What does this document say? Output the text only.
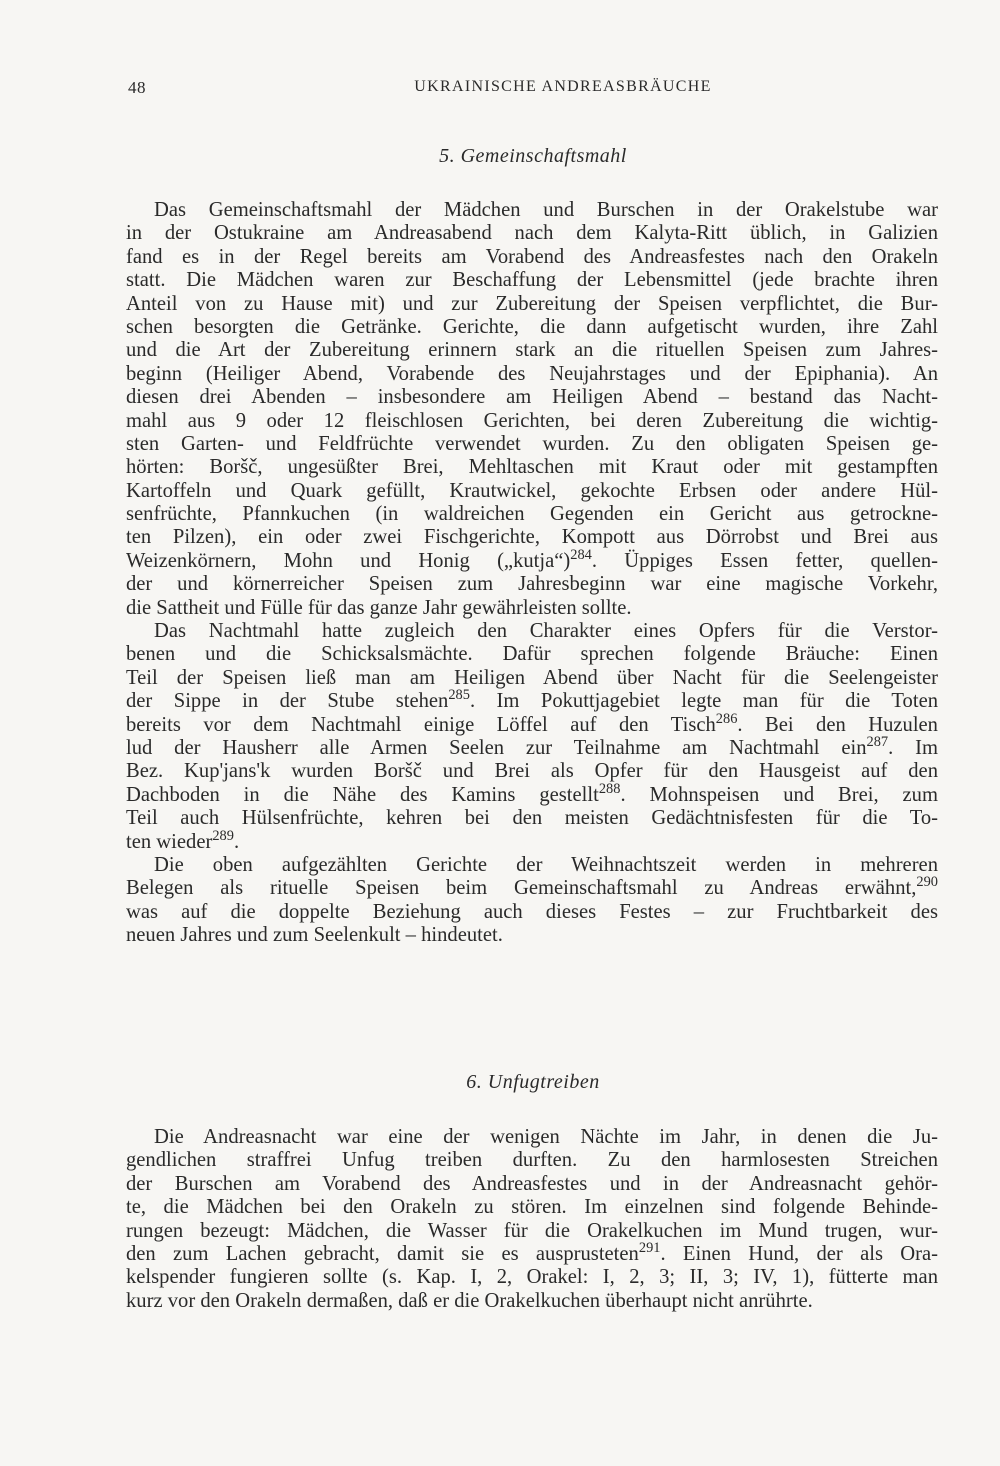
48	UKRAINISCHE ANDREASBRÄUCHE
5. Gemeinschaftsmahl
Das Gemeinschaftsmahl der Mädchen und Burschen in der Orakelstube war
in der Ostukraine am Andreasabend nach dem Kalyta-Ritt üblich, in Galizien
fand es in der Regel bereits am Vorabend des Andreasfestes nach den Orakeln
statt. Die Mädchen waren zur Beschaffung der Lebensmittel (jede brachte ihren
Anteil von zu Hause mit) und zur Zubereitung der Speisen verpflichtet, die Bur-
schen besorgten die Getränke. Gerichte, die dann aufgetischt wurden, ihre Zahl
und die Art der Zubereitung erinnern stark an die rituellen Speisen zum Jahres-
beginn (Heiliger Abend, Vorabende des Neujahrstages und der Epiphania). An
diesen drei Abenden – insbesondere am Heiligen Abend – bestand das Nacht-
mahl aus 9 oder 12 fleischlosen Gerichten, bei deren Zubereitung die wichtig-
sten Garten- und Feldfrüchte verwendet wurden. Zu den obligaten Speisen ge-
hörten: Boršč, ungesüßter Brei, Mehltaschen mit Kraut oder mit gestampften
Kartoffeln und Quark gefüllt, Krautwickel, gekochte Erbsen oder andere Hül-
senfrüchte, Pfannkuchen (in waldreichen Gegenden ein Gericht aus getrockne-
ten Pilzen), ein oder zwei Fischgerichte, Kompott aus Dörrobst und Brei aus
Weizenkörnern, Mohn und Honig („kutja“)$^{284}$. Üppiges Essen fetter, quellen-
der und körnerreicher Speisen zum Jahresbeginn war eine magische Vorkehr,
die Sattheit und Fülle für das ganze Jahr gewährleisten sollte.
Das Nachtmahl hatte zugleich den Charakter eines Opfers für die Verstor-
benen und die Schicksalsmächte. Dafür sprechen folgende Bräuche: Einen
Teil der Speisen ließ man am Heiligen Abend über Nacht für die Seelengeister
der Sippe in der Stube stehen$^{285}$. Im Pokuttjagebiet legte man für die Toten
bereits vor dem Nachtmahl einige Löffel auf den Tisch$^{286}$. Bei den Huzulen
lud der Hausherr alle Armen Seelen zur Teilnahme am Nachtmahl ein$^{287}$. Im
Bez. Kup'jans'k wurden Boršč und Brei als Opfer für den Hausgeist auf den
Dachboden in die Nähe des Kamins gestellt$^{288}$. Mohnspeisen und Brei, zum
Teil auch Hülsenfrüchte, kehren bei den meisten Gedächtnisfesten für die To-
ten wieder$^{289}$.
Die oben aufgezählten Gerichte der Weihnachtszeit werden in mehreren
Belegen als rituelle Speisen beim Gemeinschaftsmahl zu Andreas erwähnt,$^{290}$
was auf die doppelte Beziehung auch dieses Festes – zur Fruchtbarkeit des
neuen Jahres und zum Seelenkult – hindeutet.
6. Unfugtreiben
Die Andreasnacht war eine der wenigen Nächte im Jahr, in denen die Ju-
gendlichen straffrei Unfug treiben durften. Zu den harmlosesten Streichen
der Burschen am Vorabend des Andreasfestes und in der Andreasnacht gehör-
te, die Mädchen bei den Orakeln zu stören. Im einzelnen sind folgende Behinde-
rungen bezeugt: Mädchen, die Wasser für die Orakelkuchen im Mund trugen, wur-
den zum Lachen gebracht, damit sie es ausprusteten$^{291}$. Einen Hund, der als Ora-
kelspender fungieren sollte (s. Kap. I, 2, Orakel: I, 2, 3; II, 3; IV, 1), fütterte man
kurz vor den Orakeln dermaßen, daß er die Orakelkuchen überhaupt nicht anrührte.
